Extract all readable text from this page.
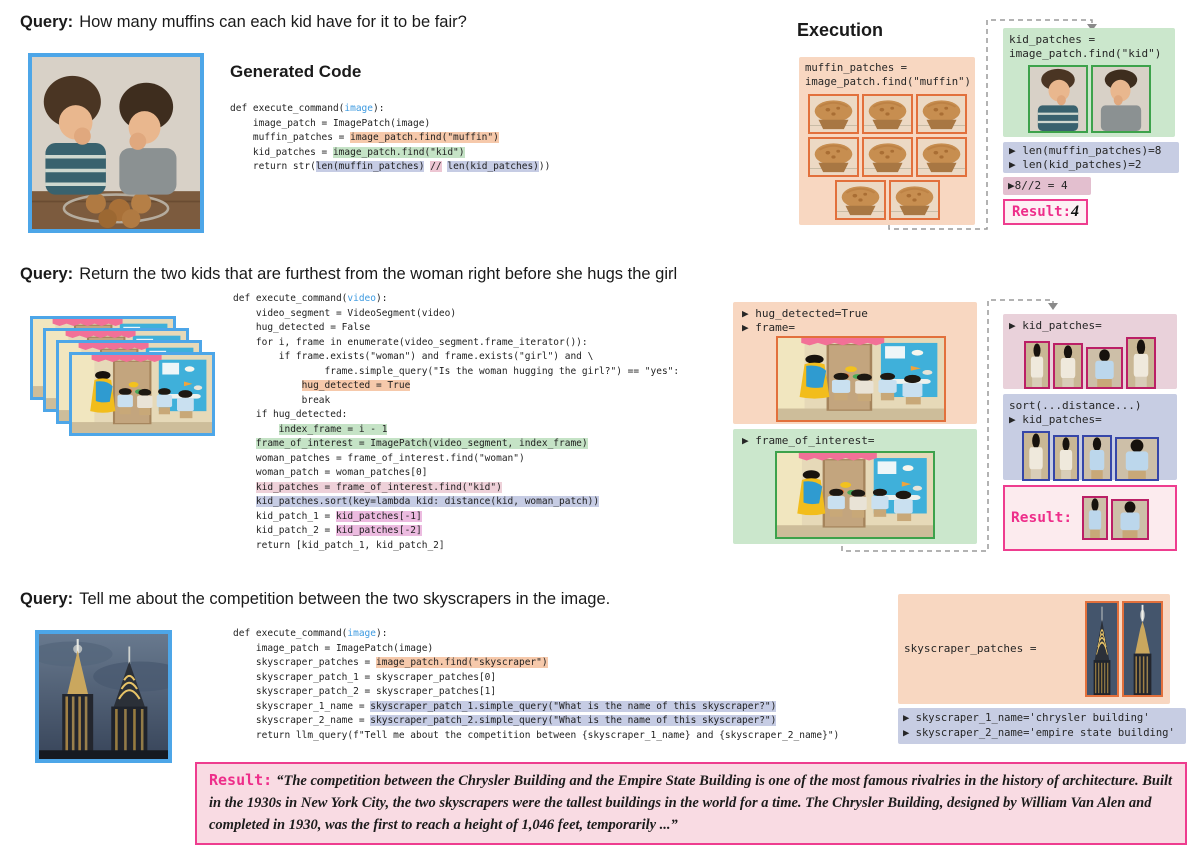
Query: How many muffins can each kid have for it to be fair?
Generated Code
def execute_command(image):
image_patch = ImagePatch(image)
muffin_patches = image_patch.find("muffin")
kid_patches = image_patch.find("kid")
return str(len(muffin_patches) // len(kid_patches)))
Execution
muffin_patches =
image_patch.find("muffin")
kid_patches =
image_patch.find("kid")
▶ len(muffin_patches)=8
▶ len(kid_patches)=2
▶8//2 = 4
Result: 4
Query: Return the two kids that are furthest from the woman right before she hugs the girl
def execute_command(video):
video_segment = VideoSegment(video)
hug_detected = False
for i, frame in enumerate(video_segment.frame_iterator()):
if frame.exists("woman") and frame.exists("girl") and \
frame.simple_query("Is the woman hugging the girl?") == "yes":
hug_detected = True
break
if hug_detected:
index_frame = i - 1
frame_of_interest = ImagePatch(video_segment, index_frame)
woman_patches = frame_of_interest.find("woman")
woman_patch = woman_patches[0]
kid_patches = frame_of_interest.find("kid")
kid_patches.sort(key=lambda kid: distance(kid, woman_patch))
kid_patch_1 = kid_patches[-1]
kid_patch_2 = kid_patches[-2]
return [kid_patch_1, kid_patch_2]
▶ hug_detected=True
▶ frame=
▶ frame_of_interest=
▶ kid_patches=
sort(...distance...)
▶ kid_patches=
Result:
Query: Tell me about the competition between the two skyscrapers in the image.
def execute_command(image):
image_patch = ImagePatch(image)
skyscraper_patches = image_patch.find("skyscraper")
skyscraper_patch_1 = skyscraper_patches[0]
skyscraper_patch_2 = skyscraper_patches[1]
skyscraper_1_name = skyscraper_patch_1.simple_query("What is the name of this skyscraper?")
skyscraper_2_name = skyscraper_patch_2.simple_query("What is the name of this skyscraper?")
return llm_query(f"Tell me about the competition between {skyscraper_1_name} and {skyscraper_2_name}")
skyscraper_patches =
▶ skyscraper_1_name='chrysler building'
▶ skyscraper_2_name='empire state building'
Result: “The competition between the Chrysler Building and the Empire State Building is one of the most famous rivalries in the history of architecture. Built in the 1930s in New York City, the two skyscrapers were the tallest buildings in the world for a time. The Chrysler Building, designed by William Van Alen and completed in 1930, was the first to reach a height of 1,046 feet, temporarily ...”
